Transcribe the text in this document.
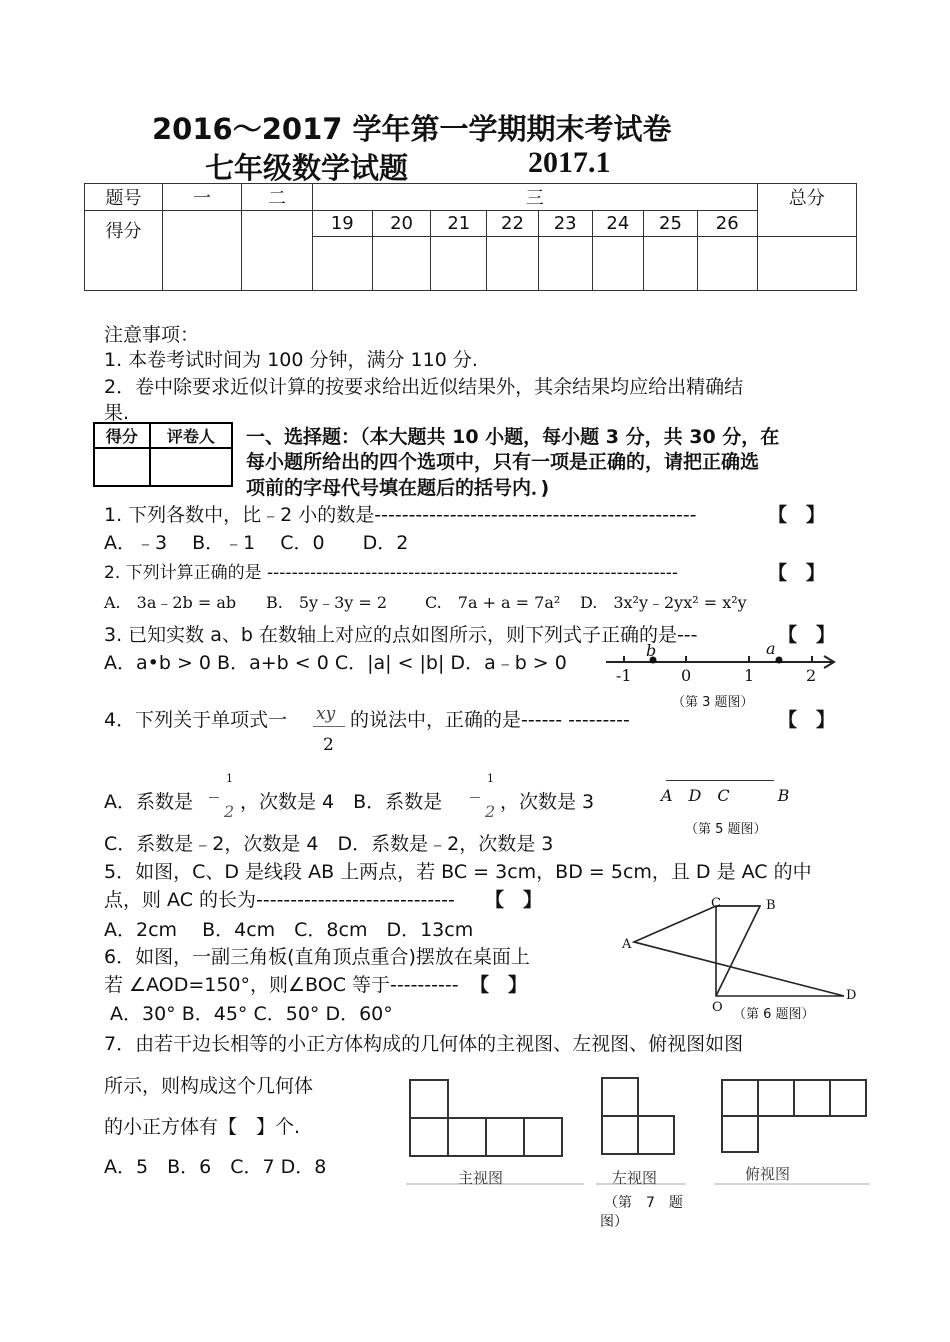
2016～2017 学年第一学期期末考试卷
七年级数学试题	2017.1
题号	一	二	三								总分
得分			19	20	21	22	23	24	25	26	

注意事项：
1. 本卷考试时间为 100 分钟，满分 110 分.
2．卷中除要求近似计算的按要求给出近似结果外，其余结果均应给出精确结
果.
得分	评卷人
	一、选择题：（本大题共 10 小题，每小题 3 分，共 30 分，在
每小题所给出的四个选项中，只有一项是正确的，请把正确选
项前的字母代号填在题后的括号内．)
1. 下列各数中，比﹣2 小的数是-----------------------------------------------	【　】
A．﹣3　 B．﹣1　 C．0　　D．2
2. 下列计算正确的是 -------------------------------------------------------------------	【　】
A.　3a﹣2b = ab B.　5y﹣3y = 2 C.　7a + a = 7a² D.　3x²y﹣2yx² = x²y
3. 已知实数 a、b 在数轴上对应的点如图所示，则下列式子正确的是---	【　】
A．a•b > 0 B．a+b < 0 C．|a| < |b| D．a﹣b > 0
b	a
-1	0	1	2
（第 3 题图）
4．下列关于单项式一 xy
2
的说法中，正确的是------ ---------	【　】
A．系数是
1
2 ，次数是 4　B．系数是
1
2 ，次数是 3
C．系数是﹣2，次数是 4　D．系数是﹣2，次数是 3
A　D　C　　　B
（第 5 题图）
5．如图，C、D 是线段 AB 上两点，若 BC = 3cm，BD = 5cm，且 D 是 AC 的中
点，则 AC 的长为----------------------------- 【　】
A．2cm　 B．4cm　C．8cm　D．13cm
6．如图，一副三角板(直角顶点重合)摆放在桌面上
若 ∠AOD=150°，则∠BOC 等于---------- 【　】
A．30° B．45° C．50° D．60°
C	B
A
O
D
（第 6 题图）
7．由若干边长相等的小正方体构成的几何体的主视图、左视图、俯视图如图
所示，则构成这个几何体
的小正方体有【　】个.
A．5　B．6　C．7 D．8	主视图	左视图	俯视图
（第　7　题
图）
